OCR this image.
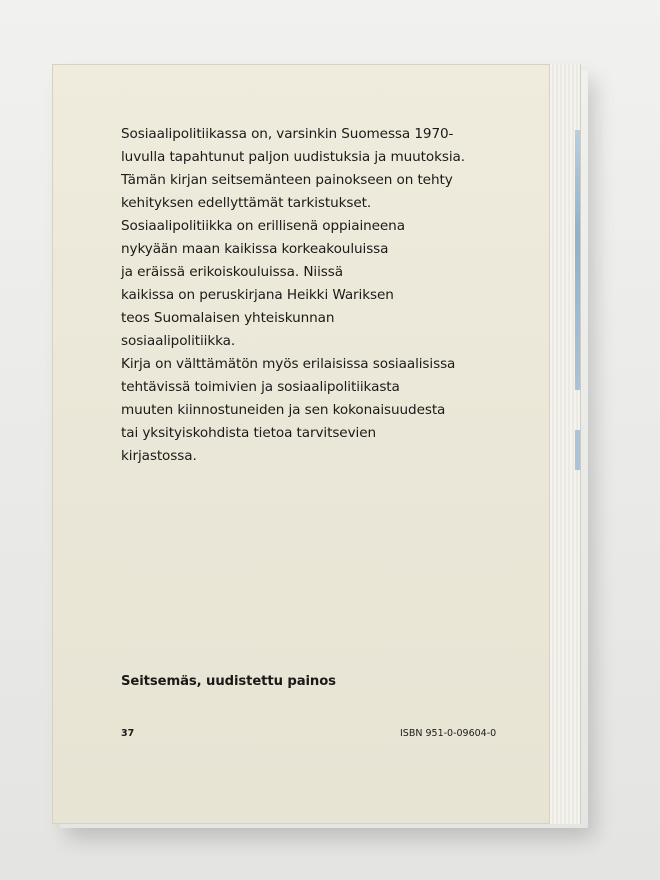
Sosiaalipolitiikassa on, varsinkin Suomessa 1970-
luvulla tapahtunut paljon uudistuksia ja muutoksia.
Tämän kirjan seitsemänteen painokseen on tehty
kehityksen edellyttämät tarkistukset.
Sosiaalipolitiikka on erillisenä oppiaineena
nykyään maan kaikissa korkeakouluissa
ja eräissä erikoiskouluissa. Niissä
kaikissa on peruskirjana Heikki Wariksen
teos Suomalaisen yhteiskunnan
sosiaalipolitiikka.
Kirja on välttämätön myös erilaisissa sosiaalisissa
tehtävissä toimivien ja sosiaalipolitiikasta
muuten kiinnostuneiden ja sen kokonaisuudesta
tai yksityiskohdista tietoa tarvitsevien
kirjastossa.
Seitsemäs, uudistettu painos
37	ISBN 951-0-09604-0
